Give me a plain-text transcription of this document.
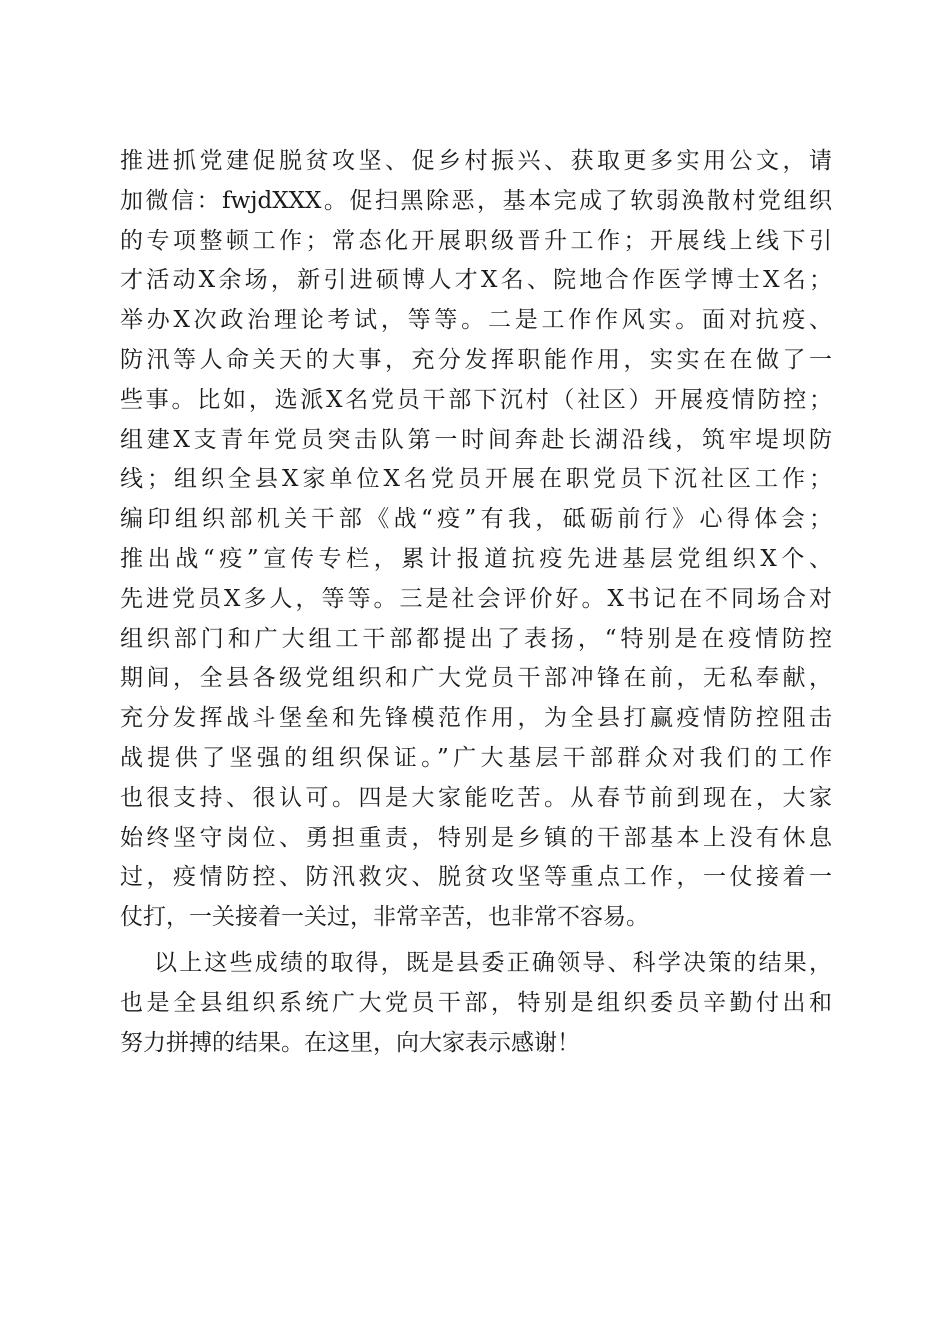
推进抓党建促脱贫攻坚、促乡村振兴、获取更多实用公文，请
加微信：fwjdXXX。促扫黑除恶，基本完成了软弱涣散村党组织
的专项整顿工作；常态化开展职级晋升工作；开展线上线下引
才活动X余场，新引进硕博人才X名、院地合作医学博士X名；
举办X次政治理论考试，等等。二是工作作风实。面对抗疫、
防汛等人命关天的大事，充分发挥职能作用，实实在在做了一
些事。比如，选派X名党员干部下沉村（社区）开展疫情防控；
组建X支青年党员突击队第一时间奔赴长湖沿线，筑牢堤坝防
线；组织全县X家单位X名党员开展在职党员下沉社区工作；
编印组织部机关干部《战“疫”有我，砥砺前行》心得体会；
推出战“疫”宣传专栏，累计报道抗疫先进基层党组织X个、
先进党员X多人，等等。三是社会评价好。X书记在不同场合对
组织部门和广大组工干部都提出了表扬，“特别是在疫情防控
期间，全县各级党组织和广大党员干部冲锋在前，无私奉献，
充分发挥战斗堡垒和先锋模范作用，为全县打赢疫情防控阻击
战提供了坚强的组织保证。”广大基层干部群众对我们的工作
也很支持、很认可。四是大家能吃苦。从春节前到现在，大家
始终坚守岗位、勇担重责，特别是乡镇的干部基本上没有休息
过，疫情防控、防汛救灾、脱贫攻坚等重点工作，一仗接着一
仗打，一关接着一关过，非常辛苦，也非常不容易。
以上这些成绩的取得，既是县委正确领导、科学决策的结果，
也是全县组织系统广大党员干部，特别是组织委员辛勤付出和
努力拼搏的结果。在这里，向大家表示感谢！
